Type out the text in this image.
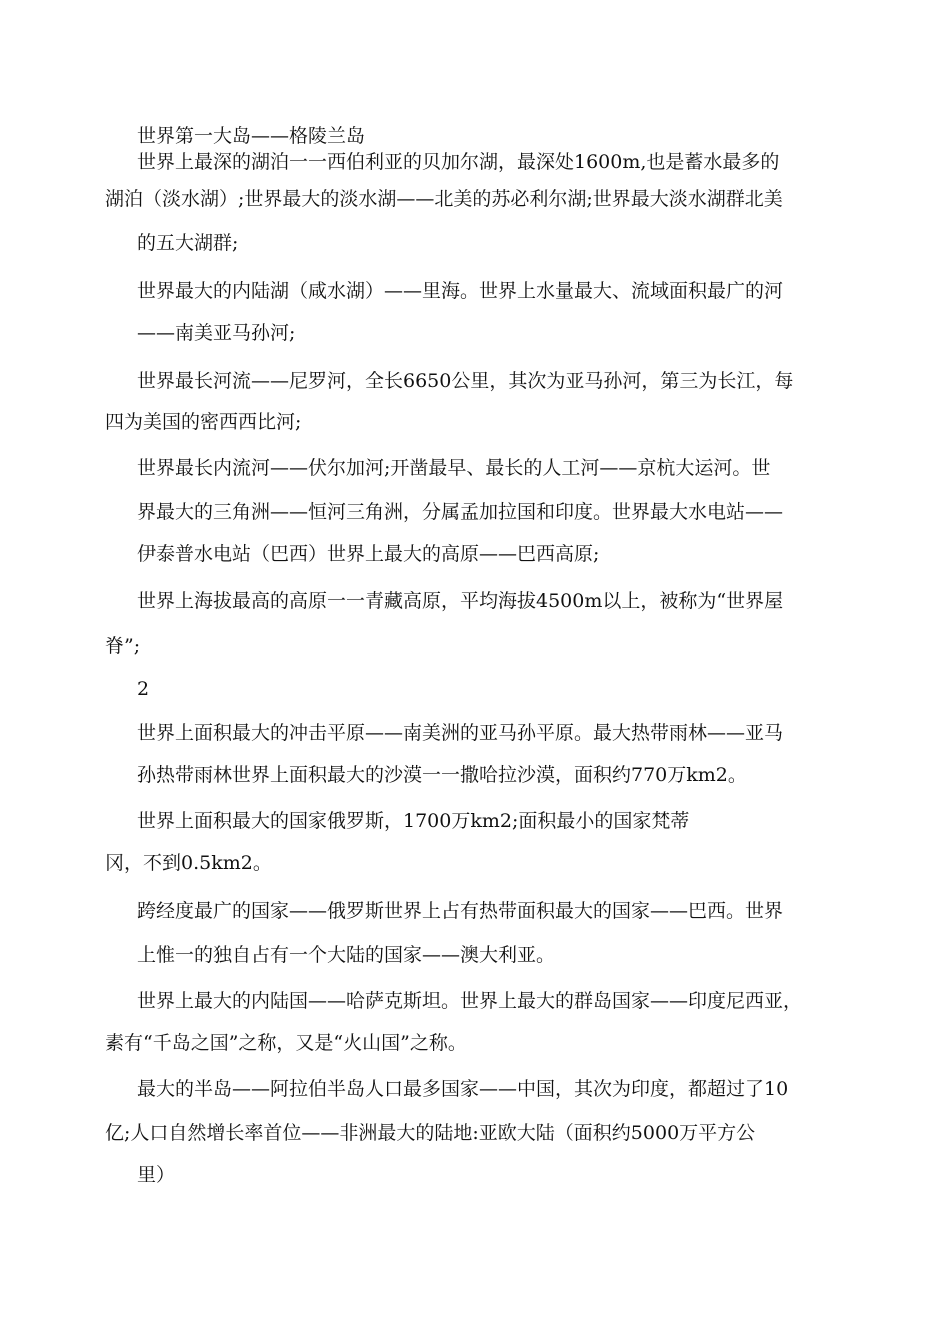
世界第一大岛——格陵兰岛
世界上最深的湖泊一一西伯利亚的贝加尔湖，最深处1600m,也是蓄水最多的
湖泊（淡水湖）;世界最大的淡水湖——北美的苏必利尔湖;世界最大淡水湖群北美
的五大湖群;
世界最大的内陆湖（咸水湖）——里海。世界上水量最大、流域面积最广的河
——南美亚马孙河;
世界最长河流——尼罗河，全长6650公里，其次为亚马孙河，第三为长江，每
四为美国的密西西比河;
世界最长内流河——伏尔加河;开凿最早、最长的人工河——京杭大运河。世
界最大的三角洲——恒河三角洲，分属孟加拉国和印度。世界最大水电站——
伊泰普水电站（巴西）世界上最大的高原——巴西高原;
世界上海拔最高的高原一一青藏高原，平均海拔4500m以上，被称为“世界屋
脊”;
2
世界上面积最大的冲击平原——南美洲的亚马孙平原。最大热带雨林——亚马
孙热带雨林世界上面积最大的沙漠一一撒哈拉沙漠，面积约770万km2。
世界上面积最大的国家俄罗斯，1700万km2;面积最小的国家梵蒂
冈，不到0.5km2。
跨经度最广的国家——俄罗斯世界上占有热带面积最大的国家——巴西。世界
上惟一的独自占有一个大陆的国家——澳大利亚。
世界上最大的内陆国——哈萨克斯坦。世界上最大的群岛国家——印度尼西亚，
素有“千岛之国”之称，又是“火山国”之称。
最大的半岛——阿拉伯半岛人口最多国家——中国，其次为印度，都超过了10
亿;人口自然增长率首位——非洲最大的陆地:亚欧大陆（面积约5000万平方公
里）
